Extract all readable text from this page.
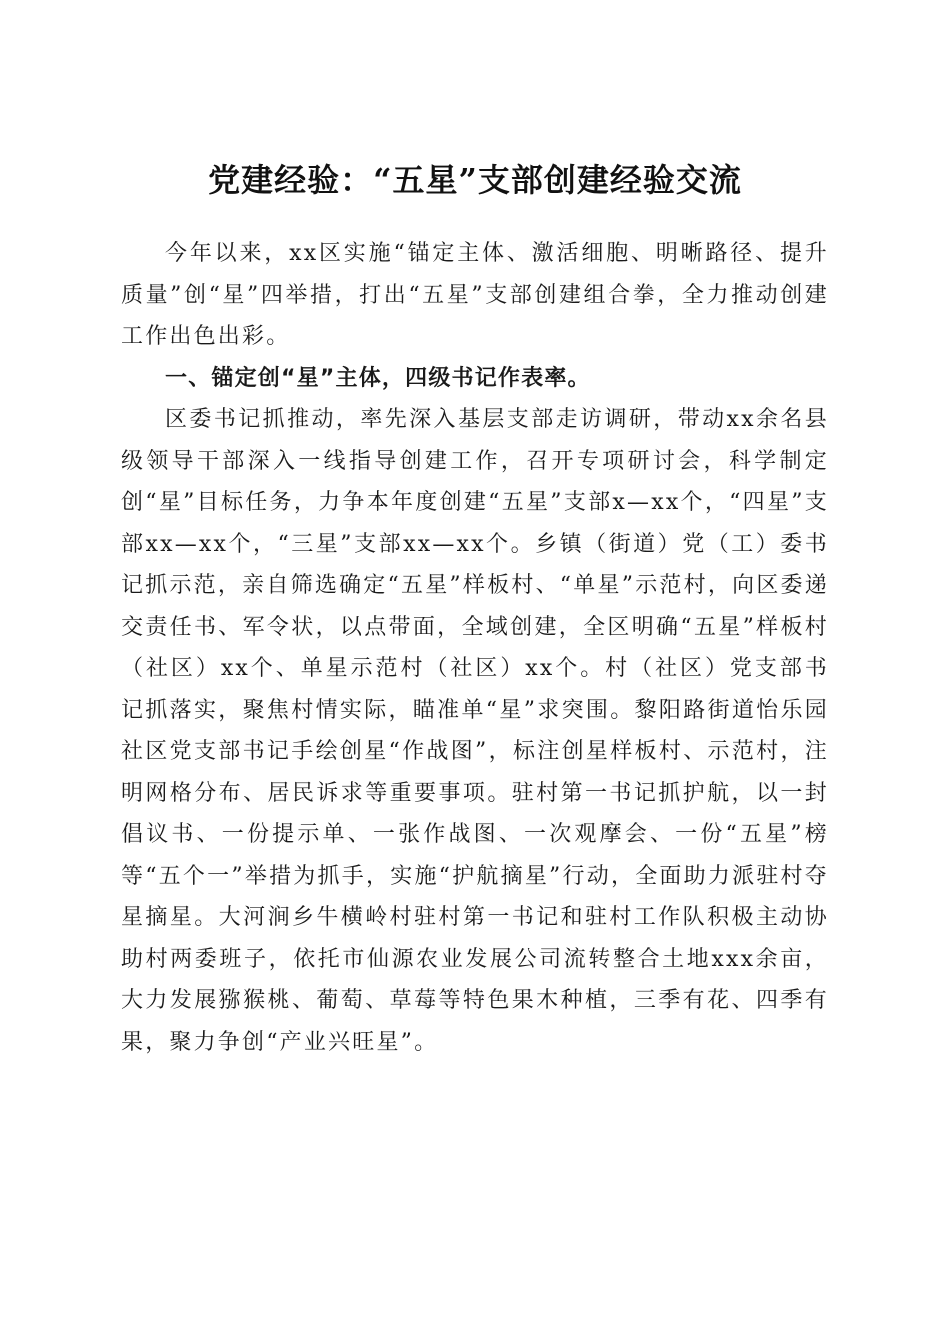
党建经验：“五星”支部创建经验交流

今年以来，xx区实施“锚定主体、激活细胞、明晰路径、提升质量”创“星”四举措，打出“五星”支部创建组合拳，全力推动创建工作出色出彩。

一、锚定创“星”主体，四级书记作表率。

区委书记抓推动，率先深入基层支部走访调研，带动xx余名县级领导干部深入一线指导创建工作，召开专项研讨会，科学制定创“星”目标任务，力争本年度创建“五星”支部x—xx个，“四星”支部xx—xx个，“三星”支部xx—xx个。乡镇（街道）党（工）委书记抓示范，亲自筛选确定“五星”样板村、“单星”示范村，向区委递交责任书、军令状，以点带面，全域创建，全区明确“五星”样板村（社区）xx个、单星示范村（社区）xx个。村（社区）党支部书记抓落实，聚焦村情实际，瞄准单“星”求突围。黎阳路街道怡乐园社区党支部书记手绘创星“作战图”，标注创星样板村、示范村，注明网格分布、居民诉求等重要事项。驻村第一书记抓护航，以一封倡议书、一份提示单、一张作战图、一次观摩会、一份“五星”榜等“五个一”举措为抓手，实施“护航摘星”行动，全面助力派驻村夺星摘星。大河涧乡牛横岭村驻村第一书记和驻村工作队积极主动协助村两委班子，依托市仙源农业发展公司流转整合土地xxx余亩，大力发展猕猴桃、葡萄、草莓等特色果木种植，三季有花、四季有果，聚力争创“产业兴旺星”。
